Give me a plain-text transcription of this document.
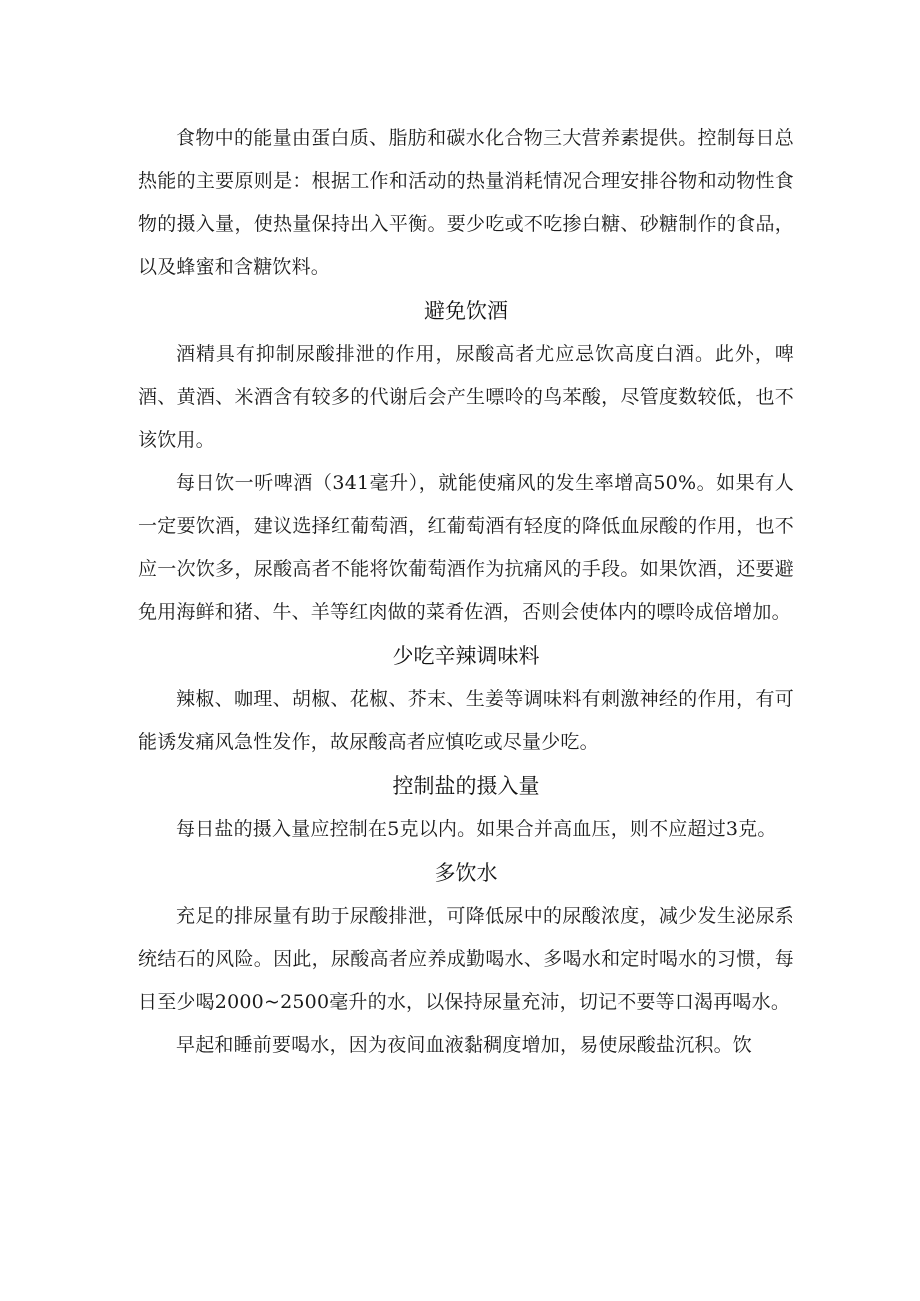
食物中的能量由蛋白质、脂肪和碳水化合物三大营养素提供。控制每日总热能的主要原则是：根据工作和活动的热量消耗情况合理安排谷物和动物性食物的摄入量，使热量保持出入平衡。要少吃或不吃掺白糖、砂糖制作的食品，以及蜂蜜和含糖饮料。

避免饮酒

酒精具有抑制尿酸排泄的作用，尿酸高者尤应忌饮高度白酒。此外，啤酒、黄酒、米酒含有较多的代谢后会产生嘌呤的鸟苯酸，尽管度数较低，也不该饮用。

每日饮一听啤酒（341毫升），就能使痛风的发生率增高50%。如果有人一定要饮酒，建议选择红葡萄酒，红葡萄酒有轻度的降低血尿酸的作用，也不应一次饮多，尿酸高者不能将饮葡萄酒作为抗痛风的手段。如果饮酒，还要避免用海鲜和猪、牛、羊等红肉做的菜肴佐酒，否则会使体内的嘌呤成倍增加。

少吃辛辣调味料

辣椒、咖理、胡椒、花椒、芥末、生姜等调味料有刺激神经的作用，有可能诱发痛风急性发作，故尿酸高者应慎吃或尽量少吃。

控制盐的摄入量

每日盐的摄入量应控制在5克以内。如果合并高血压，则不应超过3克。

多饮水

充足的排尿量有助于尿酸排泄，可降低尿中的尿酸浓度，减少发生泌尿系统结石的风险。因此，尿酸高者应养成勤喝水、多喝水和定时喝水的习惯，每日至少喝2000~2500毫升的水，以保持尿量充沛，切记不要等口渴再喝水。

早起和睡前要喝水，因为夜间血液黏稠度增加，易使尿酸盐沉积。饮
